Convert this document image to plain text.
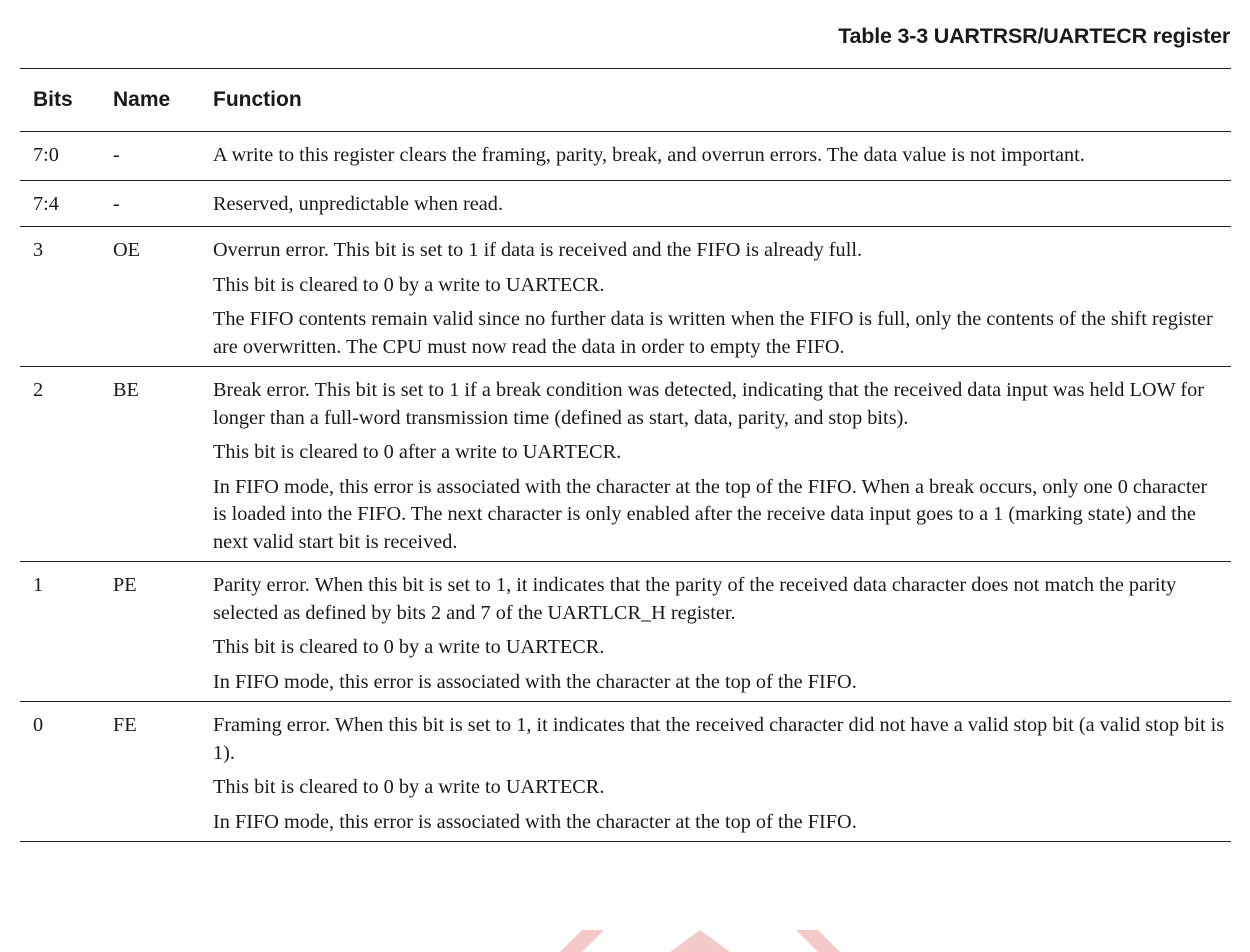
Table 3-3 UARTRSR/UARTECR register
Bits	Name	Function
7:0	-	A write to this register clears the framing, parity, break, and overrun errors. The data value is not important.

7:4	-	Reserved, unpredictable when read.

3	OE	Overrun error. This bit is set to 1 if data is received and the FIFO is already full.

This bit is cleared to 0 by a write to UARTECR.

The FIFO contents remain valid since no further data is written when the FIFO is full, only the contents of the shift register are overwritten. The CPU must now read the data in order to empty the FIFO.

2	BE	Break error. This bit is set to 1 if a break condition was detected, indicating that the received data input was held LOW for longer than a full-word transmission time (defined as start, data, parity, and stop bits).

This bit is cleared to 0 after a write to UARTECR.

In FIFO mode, this error is associated with the character at the top of the FIFO. When a break occurs, only one 0 character is loaded into the FIFO. The next character is only enabled after the receive data input goes to a 1 (marking state) and the next valid start bit is received.

1	PE	Parity error. When this bit is set to 1, it indicates that the parity of the received data character does not match the parity selected as defined by bits 2 and 7 of the UARTLCR_H register.

This bit is cleared to 0 by a write to UARTECR.

In FIFO mode, this error is associated with the character at the top of the FIFO.

0	FE	Framing error. When this bit is set to 1, it indicates that the received character did not have a valid stop bit (a valid stop bit is 1).

This bit is cleared to 0 by a write to UARTECR.

In FIFO mode, this error is associated with the character at the top of the FIFO.
